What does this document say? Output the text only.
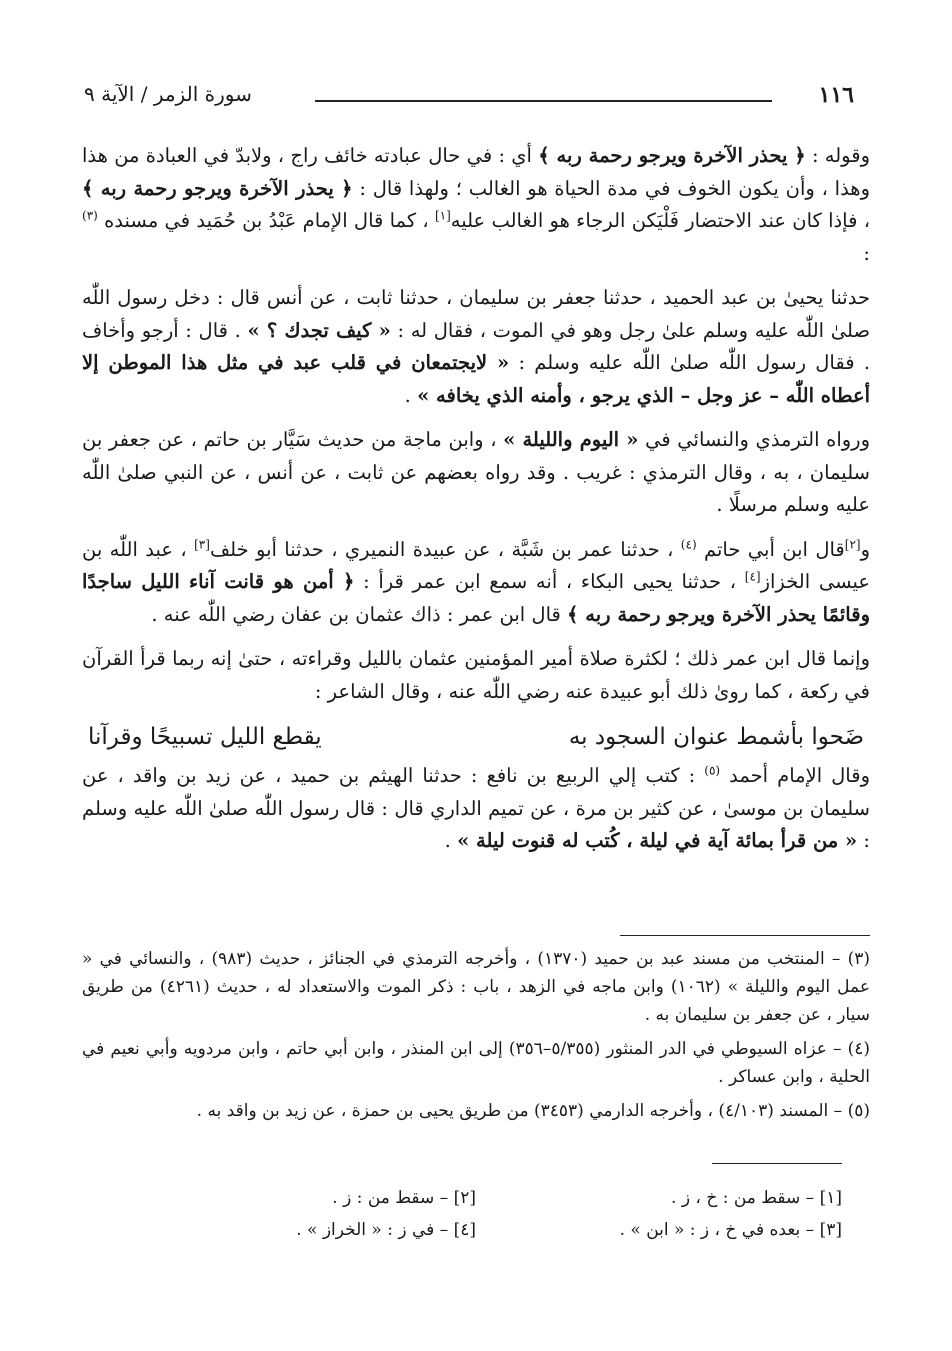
١١٦
سورة الزمر / الآية ٩

وقوله : ﴿ يحذر الآخرة ويرجو رحمة ربه ﴾ أي : في حال عبادته خائف راج ، ولابدّ في العبادة من هذا وهذا ، وأن يكون الخوف في مدة الحياة هو الغالب ؛ ولهذا قال : ﴿ يحذر الآخرة ويرجو رحمة ربه ﴾ ، فإذا كان عند الاحتضار فَلْيَكن الرجاء هو الغالب عليه[١] ، كما قال الإمام عَبْدُ بن حُمَيد في مسنده $^{(٣)}$ :

حدثنا يحيىٰ بن عبد الحميد ، حدثنا جعفر بن سليمان ، حدثنا ثابت ، عن أنس قال : دخل رسول اللّٰه صلىٰ اللّٰه عليه وسلم علىٰ رجل وهو في الموت ، فقال له : « كيف تجدك ؟ » . قال : أرجو وأخاف . فقال رسول اللّٰه صلىٰ اللّٰه عليه وسلم : « لايجتمعان في قلب عبد في مثل هذا الموطن إلا أعطاه اللّٰه – عز وجل – الذي يرجو ، وأمنه الذي يخافه » .

ورواه الترمذي والنسائي في « اليوم والليلة » ، وابن ماجة من حديث سَيَّار بن حاتم ، عن جعفر بن سليمان ، به ، وقال الترمذي : غريب . وقد رواه بعضهم عن ثابت ، عن أنس ، عن النبي صلىٰ اللّٰه عليه وسلم مرسلًا .

و[٢]قال ابن أبي حاتم $^{(٤)}$ ، حدثنا عمر بن شَبَّة ، عن عبيدة النميري ، حدثنا أبو خلف[٣] ، عبد اللّٰه بن عيسى الخزاز[٤] ، حدثنا يحيى البكاء ، أنه سمع ابن عمر قرأ : ﴿ أمن هو قانت آناء الليل ساجدًا وقائمًا يحذر الآخرة ويرجو رحمة ربه ﴾ قال ابن عمر : ذاك عثمان بن عفان رضي اللّٰه عنه .

وإنما قال ابن عمر ذلك ؛ لكثرة صلاة أمير المؤمنين عثمان بالليل وقراءته ، حتىٰ إنه ربما قرأ القرآن في ركعة ، كما روىٰ ذلك أبو عبيدة عنه رضي اللّٰه عنه ، وقال الشاعر :

ضَحوا بأشمط عنوان السجود به
يقطع الليل تسبيحًا وقرآنا

وقال الإمام أحمد $^{(٥)}$ : كتب إلي الربيع بن نافع : حدثنا الهيثم بن حميد ، عن زيد بن واقد ، عن سليمان بن موسىٰ ، عن كثير بن مرة ، عن تميم الداري قال : قال رسول اللّٰه صلىٰ اللّٰه عليه وسلم : « من قرأ بمائة آية في ليلة ، كُتب له قنوت ليلة » .

(٣) – المنتخب من مسند عبد بن حميد (١٣٧٠) ، وأخرجه الترمذي في الجنائز ، حديث (٩٨٣) ، والنسائي في « عمل اليوم والليلة » (١٠٦٢) وابن ماجه في الزهد ، باب : ذكر الموت والاستعداد له ، حديث (٤٢٦١) من طريق سيار ، عن جعفر بن سليمان به .

(٤) – عزاه السيوطي في الدر المنثور (٥/٣٥٥–٣٥٦) إلى ابن المنذر ، وابن أبي حاتم ، وابن مردويه وأبي نعيم في الحلية ، وابن عساكر .

(٥) – المسند (٤/١٠٣) ، وأخرجه الدارمي (٣٤٥٣) من طريق يحيى بن حمزة ، عن زيد بن واقد به .

[١] – سقط من : خ ، ز .
[٢] – سقط من : ز .
[٣] – بعده في خ ، ز : « ابن » .
[٤] – في ز : « الخراز » .
